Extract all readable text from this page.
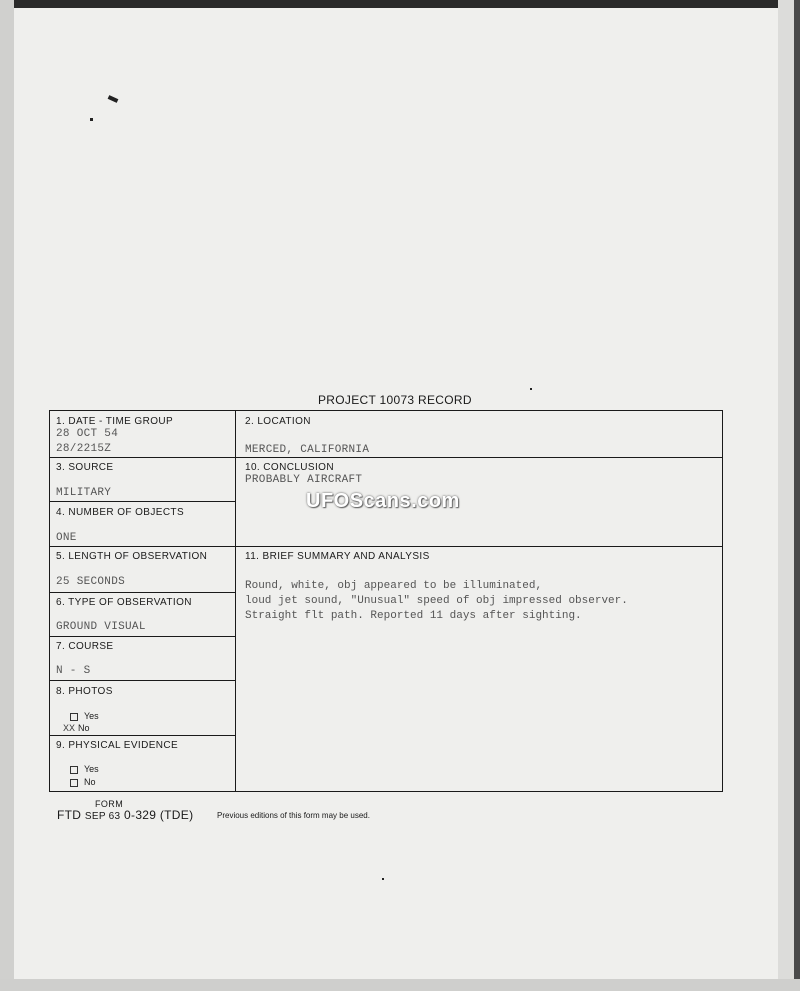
PROJECT 10073 RECORD
1. DATE - TIME GROUP
28 OCT 54
28/2215Z
2. LOCATION
MERCED, CALIFORNIA
3. SOURCE
MILITARY
10. CONCLUSION
PROBABLY AIRCRAFT
4. NUMBER OF OBJECTS
ONE
5. LENGTH OF OBSERVATION
25 SECONDS
11. BRIEF SUMMARY AND ANALYSIS
Round, white, obj appeared to be illuminated,
loud jet sound, "Unusual" speed of obj impressed observer.
Straight flt path. Reported 11 days after sighting.
6. TYPE OF OBSERVATION
GROUND VISUAL
7. COURSE
N - S
8. PHOTOS
Yes
XX No
9. PHYSICAL EVIDENCE
Yes
No
UFOScans.com
FORM
FTD SEP 63 0-329 (TDE)	Previous editions of this form may be used.
